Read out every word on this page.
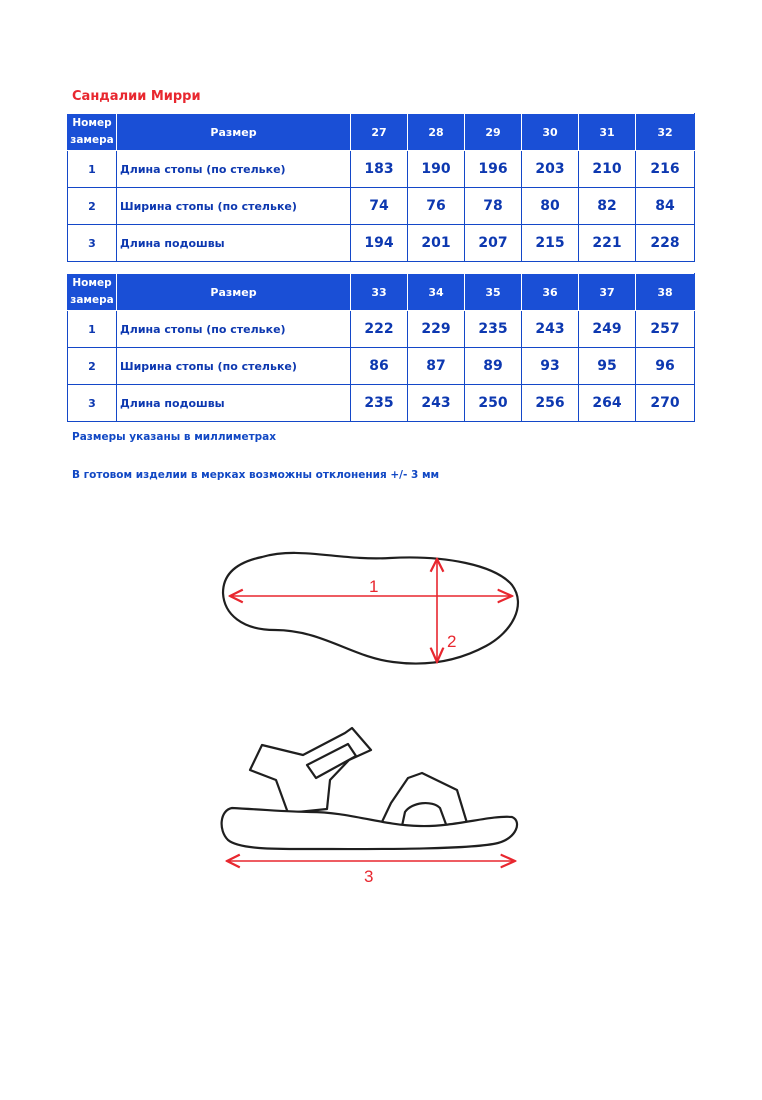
Сандалии Мирри
Номер
замера	Размер	27	28	29	30	31	32
1	Длина стопы (по стельке)	183	190	196	203	210	216
2	Ширина стопы (по стельке)	74	76	78	80	82	84
3	Длина подошвы	194	201	207	215	221	228
Номер
замера	Размер	33	34	35	36	37	38
1	Длина стопы (по стельке)	222	229	235	243	249	257
2	Ширина стопы (по стельке)	86	87	89	93	95	96
3	Длина подошвы	235	243	250	256	264	270
Размеры указаны в миллиметрах
В готовом изделии в мерках возможны отклонения +/- 3 мм
1
2
3
